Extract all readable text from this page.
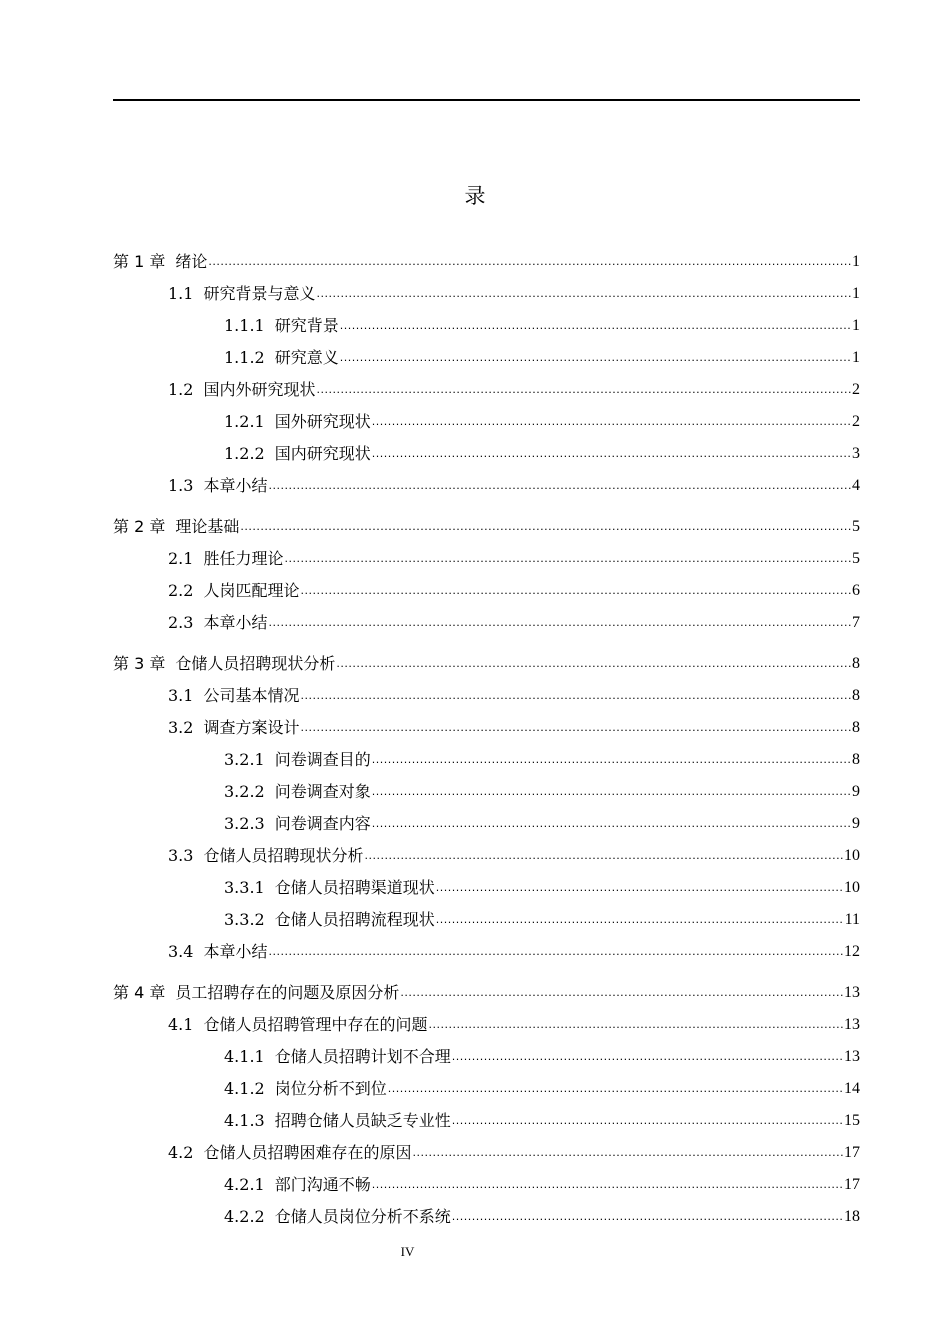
录
第 1 章 绪论 .....	1
1.1 研究背景与意义 .....	1
1.1.1 研究背景 .....	1
1.1.2 研究意义 .....	1
1.2 国内外研究现状 .....	2
1.2.1 国外研究现状 .....	2
1.2.2 国内研究现状 .....	3
1.3 本章小结 .....	4
第 2 章 理论基础 .....	5
2.1 胜任力理论 .....	5
2.2 人岗匹配理论 .....	6
2.3 本章小结 .....	7
第 3 章 仓储人员招聘现状分析 .....	8
3.1 公司基本情况 .....	8
3.2 调查方案设计 .....	8
3.2.1 问卷调查目的 .....	8
3.2.2 问卷调查对象 .....	9
3.2.3 问卷调查内容 .....	9
3.3 仓储人员招聘现状分析 .....	10
3.3.1 仓储人员招聘渠道现状 .....	10
3.3.2 仓储人员招聘流程现状 .....	11
3.4 本章小结 .....	12
第 4 章 员工招聘存在的问题及原因分析 .....	13
4.1 仓储人员招聘管理中存在的问题 .....	13
4.1.1 仓储人员招聘计划不合理 .....	13
4.1.2 岗位分析不到位 .....	14
4.1.3 招聘仓储人员缺乏专业性 .....	15
4.2 仓储人员招聘困难存在的原因 .....	17
4.2.1 部门沟通不畅 .....	17
4.2.2 仓储人员岗位分析不系统 .....	18
IV
